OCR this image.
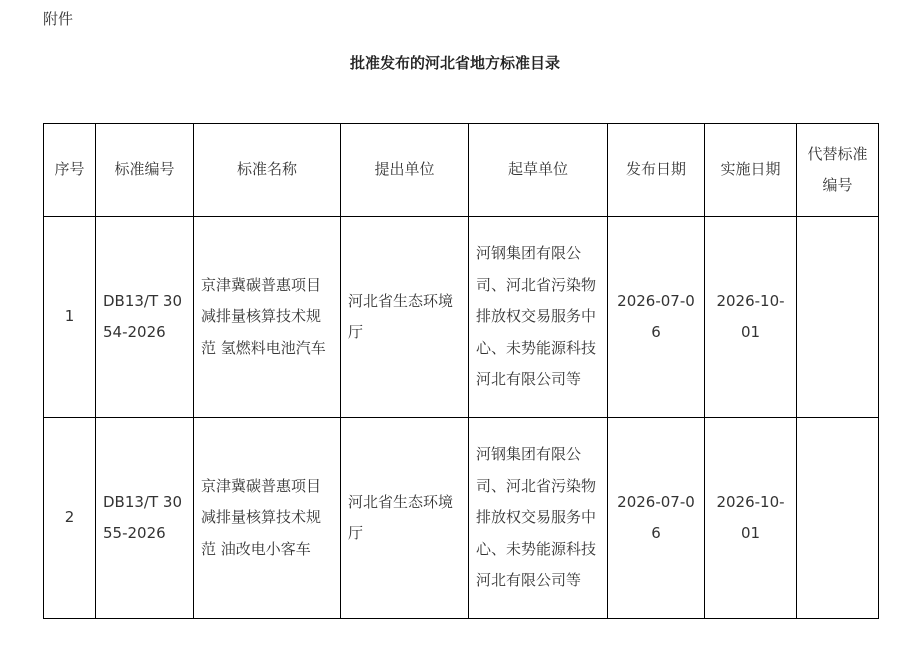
附件
批准发布的河北省地方标准目录
序号	标准编号	标准名称	提出单位	起草单位	发布日期	实施日期	代替标准编号
1	DB13/T 3054-2026	京津冀碳普惠项目减排量核算技术规范 氢燃料电池汽车	河北省生态环境厅	河钢集团有限公司、河北省污染物排放权交易服务中心、未势能源科技河北有限公司等	2026-07-06	2026-10-01	
2	DB13/T 3055-2026	京津冀碳普惠项目减排量核算技术规范 油改电小客车	河北省生态环境厅	河钢集团有限公司、河北省污染物排放权交易服务中心、未势能源科技河北有限公司等	2026-07-06	2026-10-01	
